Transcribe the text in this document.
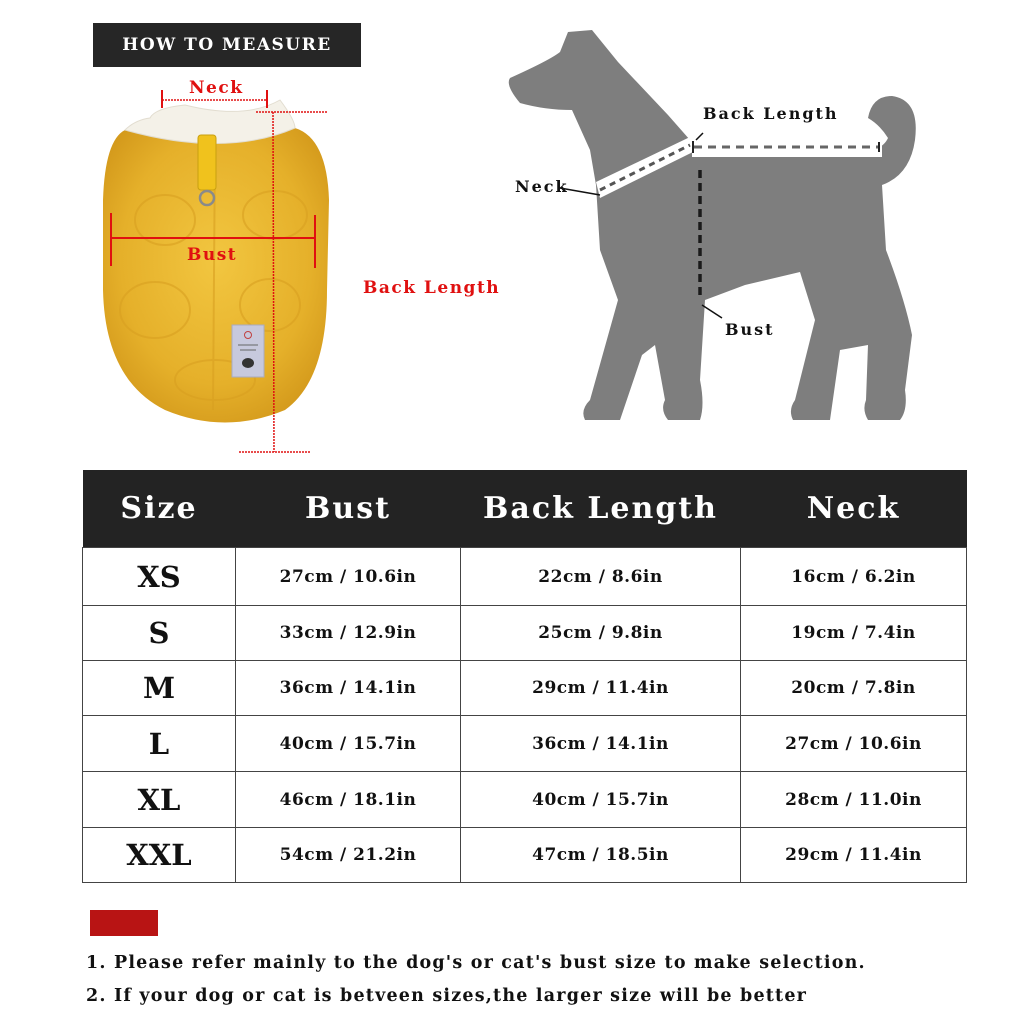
HOW TO MEASURE
Neck
Bust
Back Length
Back Length
Neck
Bust
Size	Bust	Back Length	Neck
XS	27cm / 10.6in	22cm / 8.6in	16cm / 6.2in
S	33cm / 12.9in	25cm / 9.8in	19cm / 7.4in
M	36cm / 14.1in	29cm / 11.4in	20cm / 7.8in
L	40cm / 15.7in	36cm / 14.1in	27cm / 10.6in
XL	46cm / 18.1in	40cm / 15.7in	28cm / 11.0in
XXL	54cm / 21.2in	47cm / 18.5in	29cm / 11.4in
1. Please refer mainly to the dog's or cat's bust size to make selection.
2. If your dog or cat is betveen sizes,the larger size will be better
